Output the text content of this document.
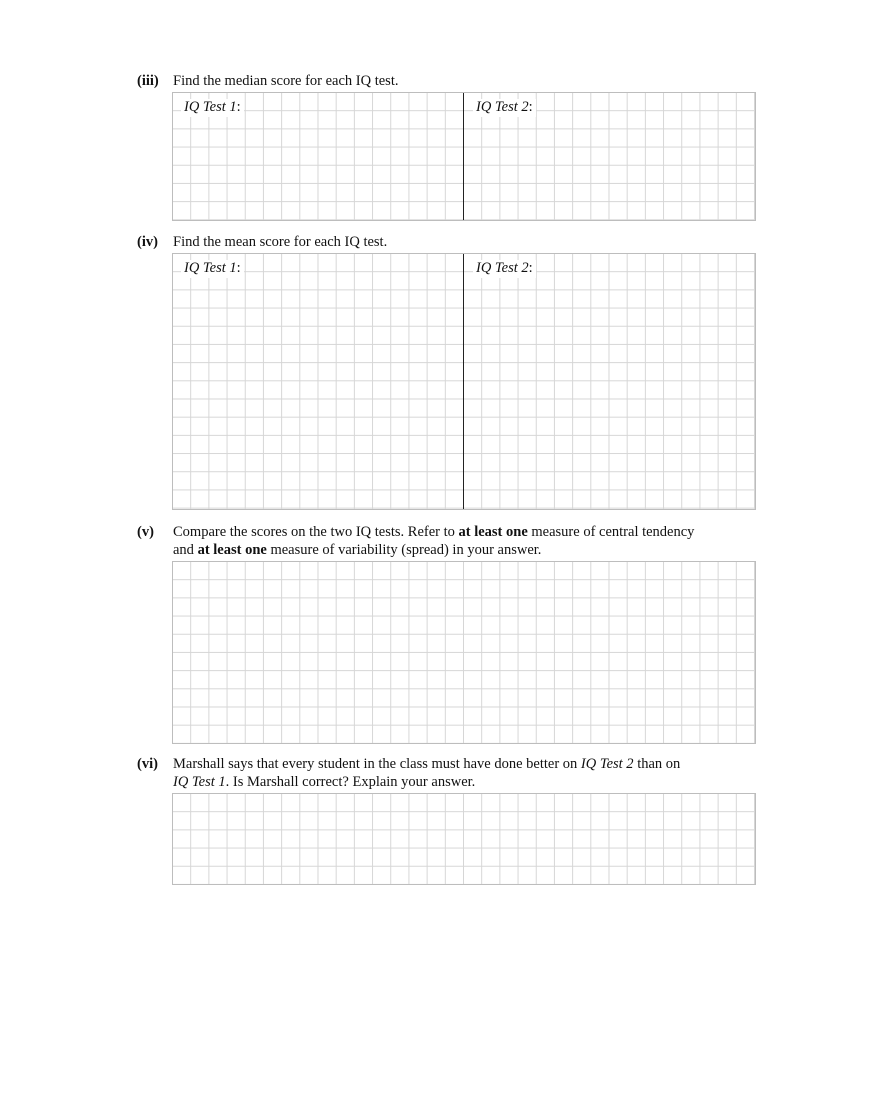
(iii) Find the median score for each IQ test.
IQ Test 1:	IQ Test 2:
(iv) Find the mean score for each IQ test.
IQ Test 1:	IQ Test 2:
(v) Compare the scores on the two IQ tests. Refer to at least one measure of central tendency
and at least one measure of variability (spread) in your answer.
(vi) Marshall says that every student in the class must have done better on IQ Test 2 than on
IQ Test 1. Is Marshall correct? Explain your answer.
